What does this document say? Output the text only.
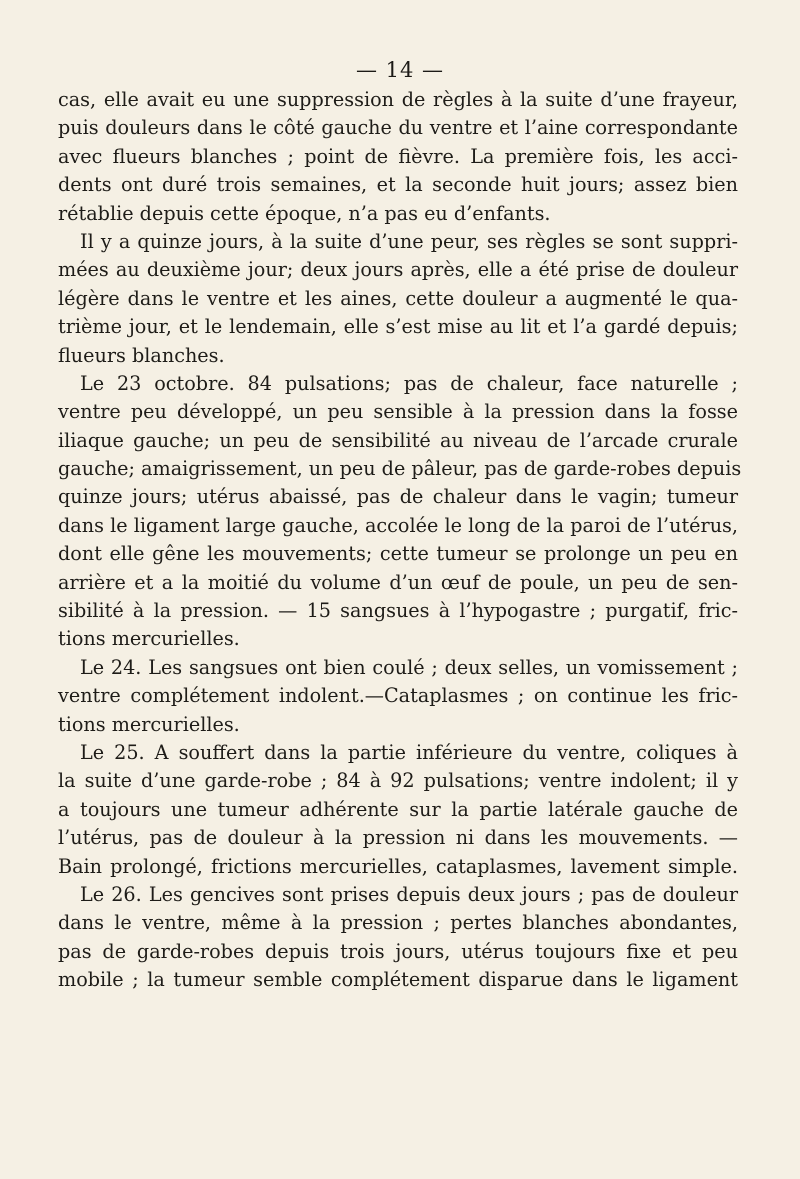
— 14 —
cas, elle avait eu une suppression de règles à la suite d’une frayeur,
puis douleurs dans le côté gauche du ventre et l’aine correspondante
avec flueurs blanches ; point de fièvre. La première fois, les acci-
dents ont duré trois semaines, et la seconde huit jours; assez bien
rétablie depuis cette époque, n’a pas eu d’enfants.
Il y a quinze jours, à la suite d’une peur, ses règles se sont suppri-
mées au deuxième jour; deux jours après, elle a été prise de douleur
légère dans le ventre et les aines, cette douleur a augmenté le qua-
trième jour, et le lendemain, elle s’est mise au lit et l’a gardé depuis;
flueurs blanches.
Le 23 octobre. 84 pulsations; pas de chaleur, face naturelle ;
ventre peu développé, un peu sensible à la pression dans la fosse
iliaque gauche; un peu de sensibilité au niveau de l’arcade crurale
gauche; amaigrissement, un peu de pâleur, pas de garde-robes depuis
quinze jours; utérus abaissé, pas de chaleur dans le vagin; tumeur
dans le ligament large gauche, accolée le long de la paroi de l’utérus,
dont elle gêne les mouvements; cette tumeur se prolonge un peu en
arrière et a la moitié du volume d’un œuf de poule, un peu de sen-
sibilité à la pression. — 15 sangsues à l’hypogastre ; purgatif, fric-
tions mercurielles.
Le 24. Les sangsues ont bien coulé ; deux selles, un vomissement ;
ventre complétement indolent.—Cataplasmes ; on continue les fric-
tions mercurielles.
Le 25. A souffert dans la partie inférieure du ventre, coliques à
la suite d’une garde-robe ; 84 à 92 pulsations; ventre indolent; il y
a toujours une tumeur adhérente sur la partie latérale gauche de
l’utérus, pas de douleur à la pression ni dans les mouvements. —
Bain prolongé, frictions mercurielles, cataplasmes, lavement simple.
Le 26. Les gencives sont prises depuis deux jours ; pas de douleur
dans le ventre, même à la pression ; pertes blanches abondantes,
pas de garde-robes depuis trois jours, utérus toujours fixe et peu
mobile ; la tumeur semble complétement disparue dans le ligament
